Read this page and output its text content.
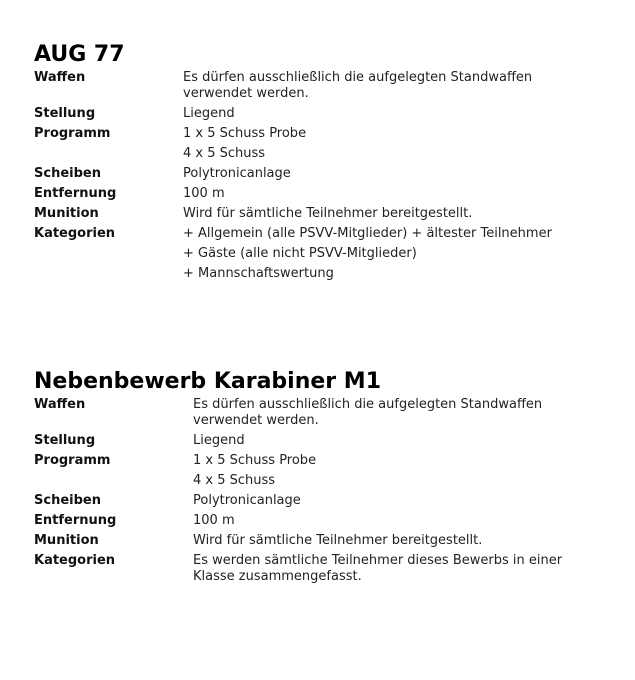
AUG 77
Waffen	Es dürfen ausschließlich die aufgelegten Standwaffen verwendet werden.

Stellung	Liegend
Programm	1 x 5 Schuss Probe
4 x 5 Schuss

Scheiben	Polytronicanlage
Entfernung	100 m
Munition	Wird für sämtliche Teilnehmer bereitgestellt.
Kategorien	+ Allgemein (alle PSVV-Mitglieder) + ältester Teilnehmer
+ Gäste (alle nicht PSVV-Mitglieder)
+ Mannschaftswertung
Nebenbewerb Karabiner M1
Waffen	Es dürfen ausschließlich die aufgelegten Standwaffen verwendet werden.

Stellung	Liegend
Programm	1 x 5 Schuss Probe
4 x 5 Schuss

Scheiben	Polytronicanlage
Entfernung	100 m
Munition	Wird für sämtliche Teilnehmer bereitgestellt.
Kategorien	Es werden sämtliche Teilnehmer dieses Bewerbs in einer Klasse zusammengefasst.
